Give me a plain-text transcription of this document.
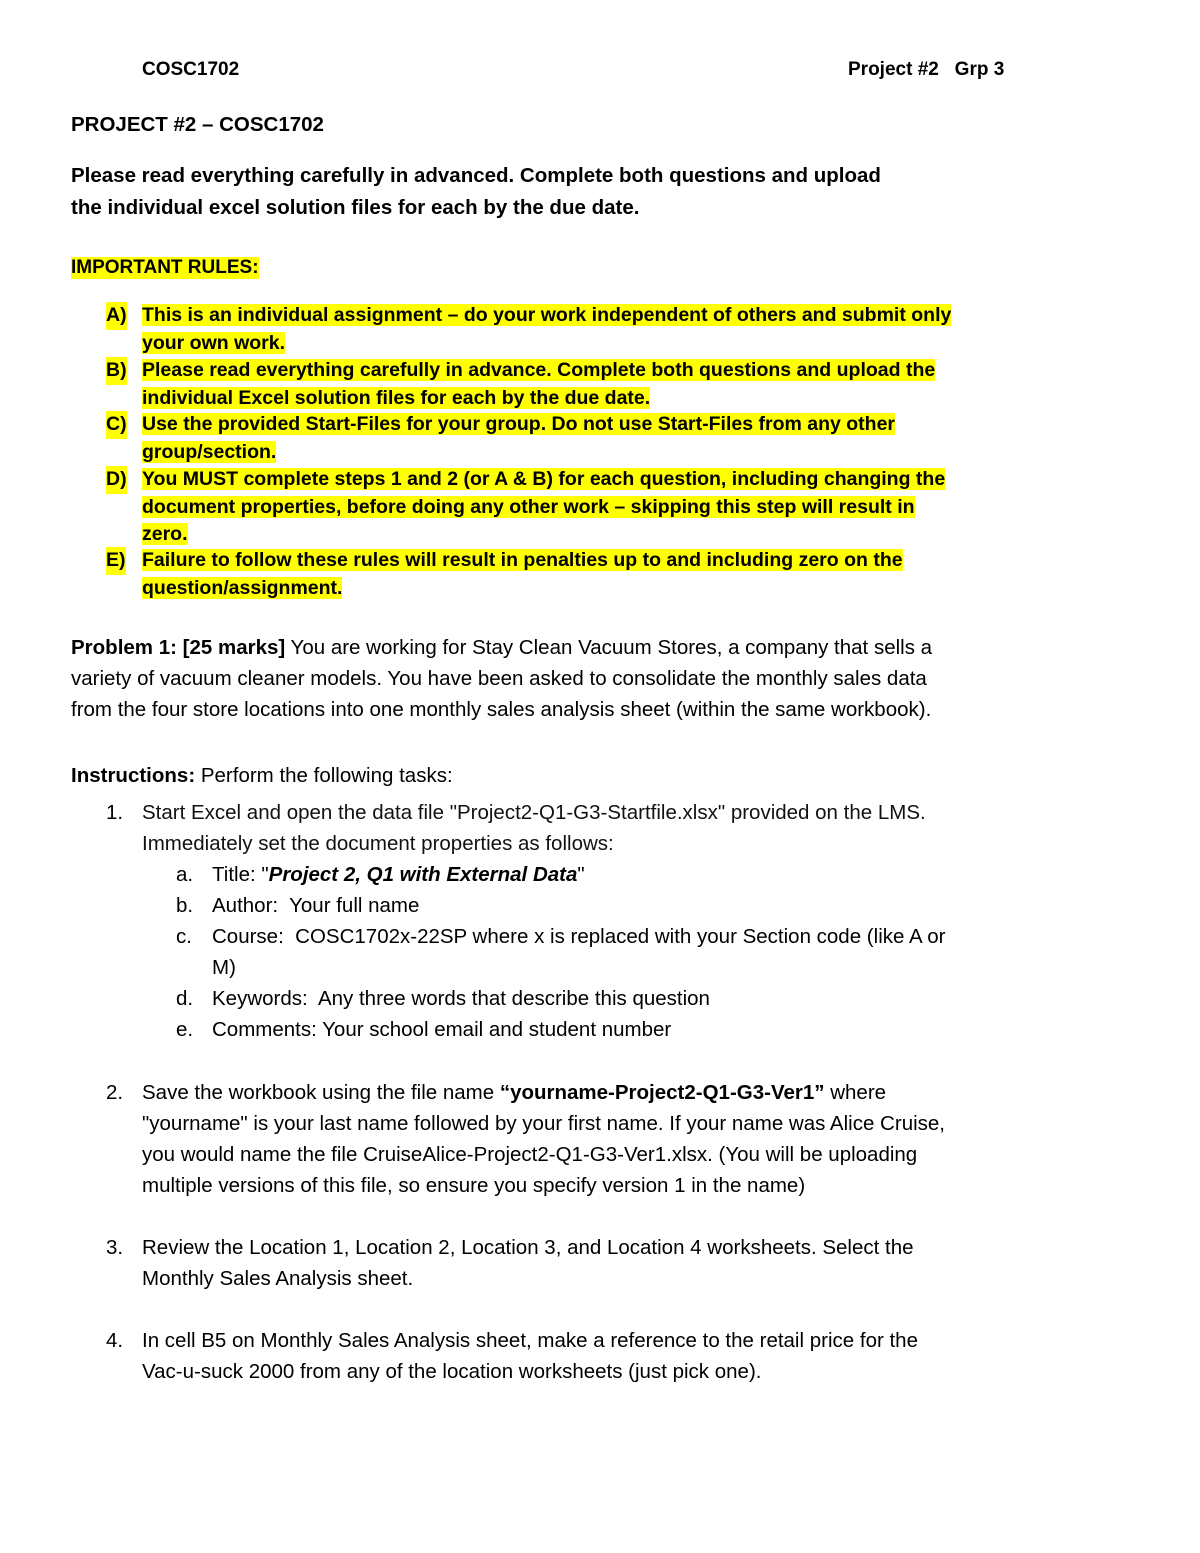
COSC1702	Project #2   Grp 3
PROJECT #2 – COSC1702
Please read everything carefully in advanced. Complete both questions and upload
the individual excel solution files for each by the due date.
IMPORTANT RULES:
A) This is an individual assignment – do your work independent of others and submit only
your own work.
B) Please read everything carefully in advance. Complete both questions and upload the
individual Excel solution files for each by the due date.
C) Use the provided Start-Files for your group. Do not use Start-Files from any other
group/section.
D) You MUST complete steps 1 and 2 (or A & B) for each question, including changing the
document properties, before doing any other work – skipping this step will result in
zero.
E) Failure to follow these rules will result in penalties up to and including zero on the
question/assignment.
Problem 1: [25 marks] You are working for Stay Clean Vacuum Stores, a company that sells a
variety of vacuum cleaner models. You have been asked to consolidate the monthly sales data
from the four store locations into one monthly sales analysis sheet (within the same workbook).
Instructions: Perform the following tasks:
1. Start Excel and open the data file "Project2-Q1-G3-Startfile.xlsx" provided on the LMS.
Immediately set the document properties as follows:
a. Title: "Project 2, Q1 with External Data"
b. Author:  Your full name
c. Course:  COSC1702x-22SP where x is replaced with your Section code (like A or
M)
d. Keywords:  Any three words that describe this question
e. Comments: Your school email and student number
2. Save the workbook using the file name “yourname-Project2-Q1-G3-Ver1” where
"yourname" is your last name followed by your first name. If your name was Alice Cruise,
you would name the file CruiseAlice-Project2-Q1-G3-Ver1.xlsx. (You will be uploading
multiple versions of this file, so ensure you specify version 1 in the name)
3. Review the Location 1, Location 2, Location 3, and Location 4 worksheets. Select the
Monthly Sales Analysis sheet.
4. In cell B5 on Monthly Sales Analysis sheet, make a reference to the retail price for the
Vac-u-suck 2000 from any of the location worksheets (just pick one).
